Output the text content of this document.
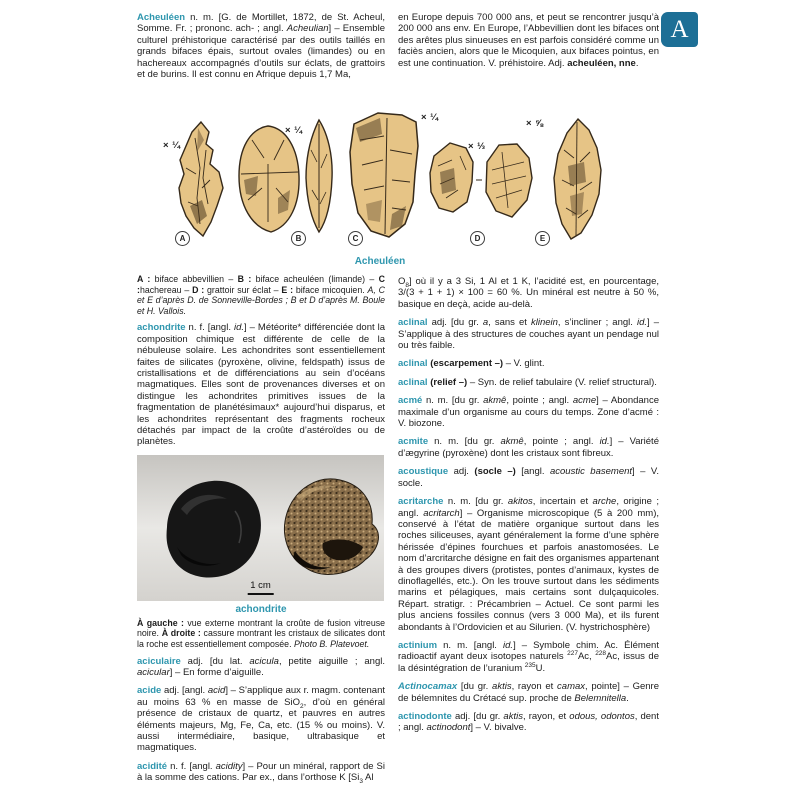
A

Acheuléen n. m. [G. de Mortillet, 1872, de St. Acheul, Somme. Fr. ; prononc. ach- ; angl. Acheulian] – Ensemble culturel préhistorique caractérisé par des outils taillés en grands bifaces épais, surtout ovales (limandes) ou en hachereaux accompagnés d’outils sur éclats, de grattoirs et de burins. Il est connu en Afrique depuis 1,7 Ma,

en Europe depuis 700 000 ans, et peut se rencontrer jusqu’à 200 000 ans env. En Europe, l’Abbevillien dont les bifaces ont des arêtes plus sinueuses en est parfois considéré comme un faciès ancien, alors que le Micoquien, aux bifaces pointus, en est une continuation. V. préhistoire. Adj. acheuléen, nne.

× ¼
× ¼
× ¼
× ⅓
× ⅝
A	B	C	D	E
Acheuléen

A : biface abbevillien – B : biface acheuléen (limande) – C :hachereau – D : grattoir sur éclat – E : biface micoquien. A, C et E d’après D. de Sonneville-Bordes ; B et D d’après M. Boule et H. Vallois.

achondrite n. f. [angl. id.] – Météorite* différenciée dont la composition chimique est différente de celle de la nébuleuse solaire. Les achondrites sont essentiellement faites de silicates (pyroxène, olivine, feldspath) issus de cristallisations et de différenciations au sein d’océans magmatiques. Elles sont de provenances diverses et on distingue les achondrites primitives issues de la fragmentation de planétésimaux* aujourd’hui disparus, et les achondrites représentant des fragments rocheux détachés par impact de la croûte d’astéroïdes ou de planètes.

1 cm
achondrite

À gauche : vue externe montrant la croûte de fusion vitreuse noire. À droite : cassure montrant les cristaux de silicates dont la roche est essentiellement composée. Photo B. Platevoet.

aciculaire adj. [du lat. acicula, petite aiguille ; angl. acicular] – En forme d’aiguille.

acide adj. [angl. acid] – S’applique aux r. magm. contenant au moins 63 % en masse de SiO$_2$, d’où en général présence de cristaux de quartz, et pauvres en autres éléments majeurs, Mg, Fe, Ca, etc. (15 % ou moins). V. aussi intermédiaire, basique, ultrabasique et magmatiques.

acidité n. f. [angl. acidity] – Pour un minéral, rapport de Si à la somme des cations. Par ex., dans l’orthose K [$Si_3$ Al

$O_8$] où il y a 3 Si, 1 Al et 1 K, l’acidité est, en pourcentage, 3/(3 + 1 + 1) × 100 = 60 %. Un minéral est neutre à 50 %, basique en deçà, acide au-delà.

aclinal adj. [du gr. a, sans et klinein, s’incliner ; angl. id.] – S’applique à des structures de couches ayant un pendage nul ou très faible.

aclinal (escarpement –) – V. glint.

aclinal (relief –) – Syn. de relief tabulaire (V. relief structural).

acmé n. m. [du gr. akmê, pointe ; angl. acme] – Abondance maximale d’un organisme au cours du temps. Zone d’acmé : V. biozone.

acmite n. m. [du gr. akmê, pointe ; angl. id.] – Variété d’ægyrine (pyroxène) dont les cristaux sont fibreux.

acoustique adj. (socle –) [angl. acoustic basement] – V. socle.

acritarche n. m. [du gr. akitos, incertain et arche, origine ; angl. acritarch] – Organisme microscopique (5 à 200 mm), conservé à l’état de matière organique surtout dans les roches siliceuses, ayant généralement la forme d’une sphère hérissée d’épines fourchues et parfois anastomosées. Le nom d’arcritarche désigne en fait des organismes appartenant à des groupes divers (protistes, pontes d’animaux, kystes de dinoflagellés, etc.). On les trouve surtout dans les sédiments marins et pélagiques, mais certains sont dulçaquicoles. Répart. stratigr. : Précambrien – Actuel. Ce sont parmi les plus anciens fossiles connus (vers 3 000 Ma), et ils furent abondants à l’Ordovicien et au Silurien. (V. hystrichosphère)

actinium n. m. [angl. id.] – Symbole chim. Ac. Élément radioactif ayant deux isotopes naturels $^{227}$Ac, $^{228}$Ac, issus de la désintégration de l’uranium $^{235}$U.

Actinocamax [du gr. aktis, rayon et camax, pointe] – Genre de bélemnites du Crétacé sup. proche de Belemnitella.

actinodonte adj. [du gr. aktis, rayon, et odous, odontos, dent ; angl. actinodont] – V. bivalve.
